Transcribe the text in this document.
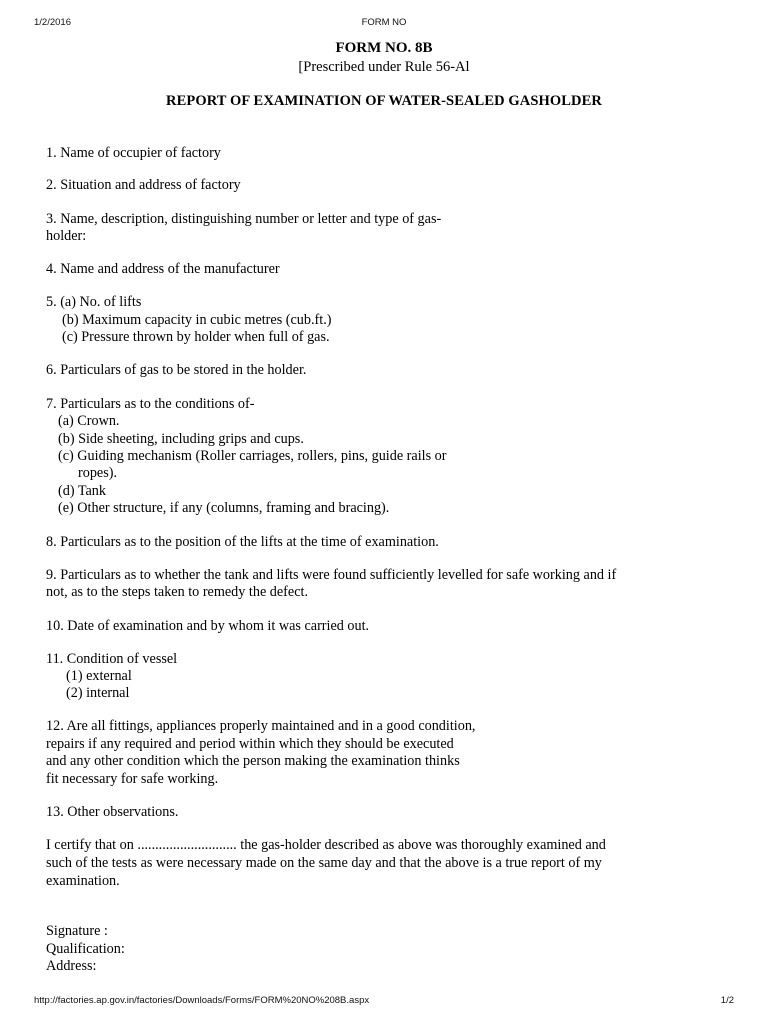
1/2/2016	FORM NO
FORM NO. 8B
[Prescribed under Rule 56-Al
REPORT OF EXAMINATION OF WATER-SEALED GASHOLDER
1. Name of occupier of factory
2. Situation and address of factory
3. Name, description, distinguishing number or letter and type of gas-
holder:
4. Name and address of the manufacturer
5. (a) No. of lifts
(b) Maximum capacity in cubic metres (cub.ft.)
(c) Pressure thrown by holder when full of gas.
6. Particulars of gas to be stored in the holder.
7. Particulars as to the conditions of-
(a) Crown.
(b) Side sheeting, including grips and cups.
(c) Guiding mechanism (Roller carriages, rollers, pins, guide rails or
ropes).
(d) Tank
(e) Other structure, if any (columns, framing and bracing).
8. Particulars as to the position of the lifts at the time of examination.
9. Particulars as to whether the tank and lifts were found sufficiently levelled for safe working and if
not, as to the steps taken to remedy the defect.
10. Date of examination and by whom it was carried out.
11. Condition of vessel
(1) external
(2) internal
12. Are all fittings, appliances properly maintained and in a good condition,
repairs if any required and period within which they should be executed
and any other condition which the person making the examination thinks
fit necessary for safe working.
13. Other observations.
I certify that on ............................ the gas-holder described as above was thoroughly examined and
such of the tests as were necessary made on the same day and that the above is a true report of my
examination.
Signature :
Qualification:
Address:
http://factories.ap.gov.in/factories/Downloads/Forms/FORM%20NO%208B.aspx	1/2
